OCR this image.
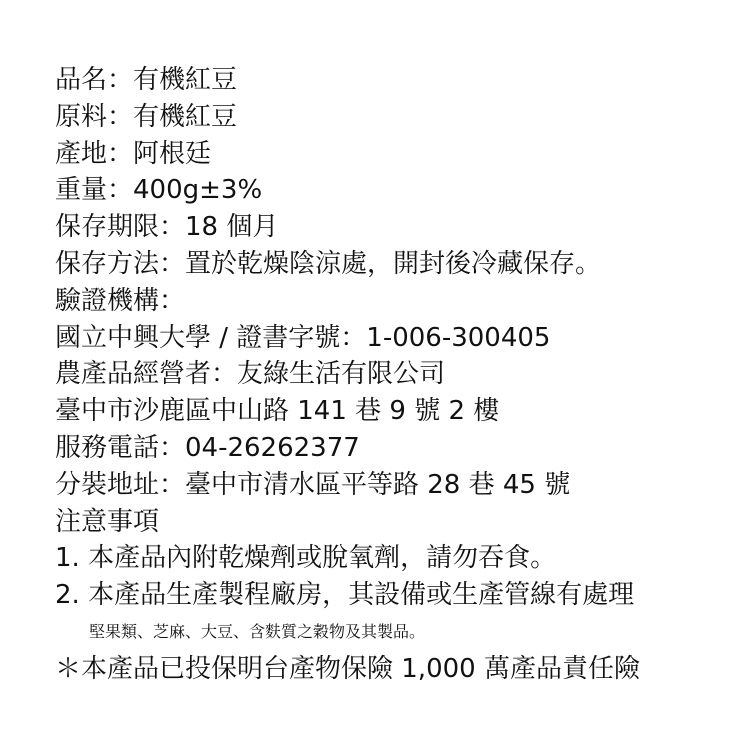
品名：有機紅豆
原料：有機紅豆
產地：阿根廷
重量：400g±3%
保存期限：18 個月
保存方法：置於乾燥陰涼處，開封後冷藏保存。
驗證機構：
國立中興大學 / 證書字號：1-006-300405
農產品經營者：友綠生活有限公司
臺中市沙鹿區中山路 141 巷 9 號 2 樓
服務電話：04-26262377
分裝地址：臺中市清水區平等路 28 巷 45 號
注意事項
1. 本產品內附乾燥劑或脫氧劑，請勿吞食。
2. 本產品生產製程廠房，其設備或生產管線有處理
堅果類、芝麻、大豆、含麩質之穀物及其製品。
＊本產品已投保明台產物保險 1,000 萬產品責任險
